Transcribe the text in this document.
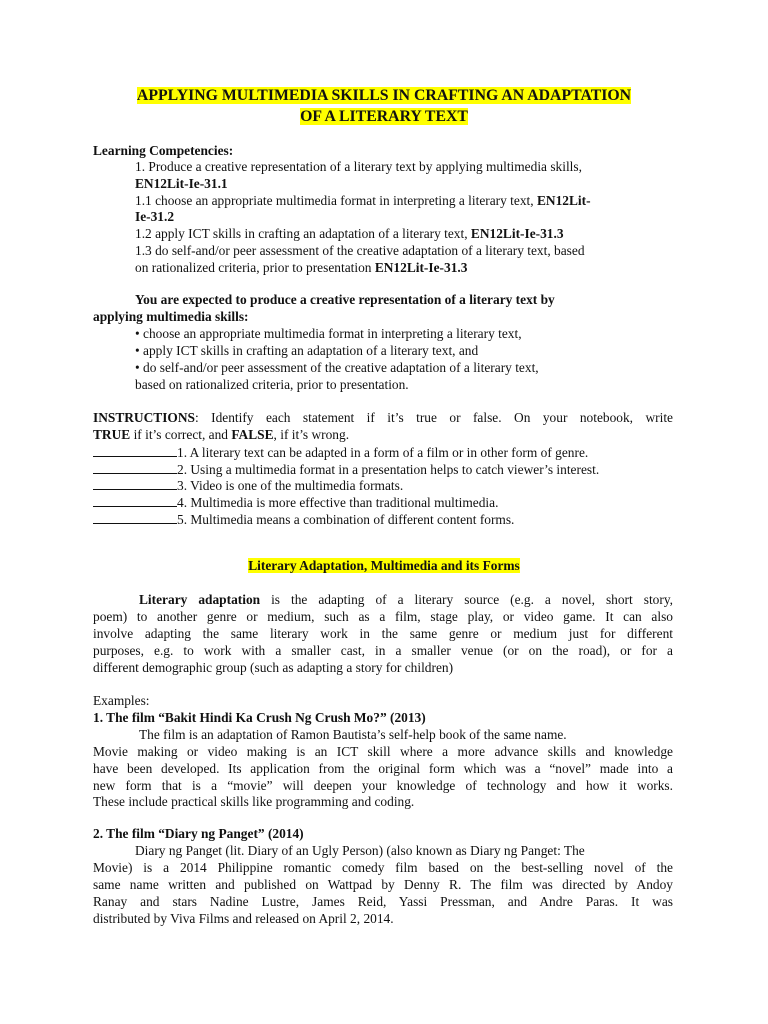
APPLYING MULTIMEDIA SKILLS IN CRAFTING AN ADAPTATION
OF A LITERARY TEXT
Learning Competencies:
1. Produce a creative representation of a literary text by applying multimedia skills,
EN12Lit-Ie-31.1
1.1 choose an appropriate multimedia format in interpreting a literary text, EN12Lit-
Ie-31.2
1.2 apply ICT skills in crafting an adaptation of a literary text, EN12Lit-Ie-31.3
1.3 do self-and/or peer assessment of the creative adaptation of a literary text, based
on rationalized criteria, prior to presentation EN12Lit-Ie-31.3
You are expected to produce a creative representation of a literary text by
applying multimedia skills:
• choose an appropriate multimedia format in interpreting a literary text,
• apply ICT skills in crafting an adaptation of a literary text, and
• do self-and/or peer assessment of the creative adaptation of a literary text,
based on rationalized criteria, prior to presentation.
INSTRUCTIONS: Identify each statement if it’s true or false. On your notebook, write
TRUE if it’s correct, and FALSE, if it’s wrong.
1. A literary text can be adapted in a form of a film or in other form of genre.
2. Using a multimedia format in a presentation helps to catch viewer’s interest.
3. Video is one of the multimedia formats.
4. Multimedia is more effective than traditional multimedia.
5. Multimedia means a combination of different content forms.
Literary Adaptation, Multimedia and its Forms
Literary adaptation is the adapting of a literary source (e.g. a novel, short story,
poem) to another genre or medium, such as a film, stage play, or video game. It can also
involve adapting the same literary work in the same genre or medium just for different
purposes, e.g. to work with a smaller cast, in a smaller venue (or on the road), or for a
different demographic group (such as adapting a story for children)
Examples:
1. The film “Bakit Hindi Ka Crush Ng Crush Mo?” (2013)
The film is an adaptation of Ramon Bautista’s self-help book of the same name.
Movie making or video making is an ICT skill where a more advance skills and knowledge
have been developed. Its application from the original form which was a “novel” made into a
new form that is a “movie” will deepen your knowledge of technology and how it works.
These include practical skills like programming and coding.
2. The film “Diary ng Panget” (2014)
Diary ng Panget (lit. Diary of an Ugly Person) (also known as Diary ng Panget: The
Movie) is a 2014 Philippine romantic comedy film based on the best-selling novel of the
same name written and published on Wattpad by Denny R. The film was directed by Andoy
Ranay and stars Nadine Lustre, James Reid, Yassi Pressman, and Andre Paras. It was
distributed by Viva Films and released on April 2, 2014.
